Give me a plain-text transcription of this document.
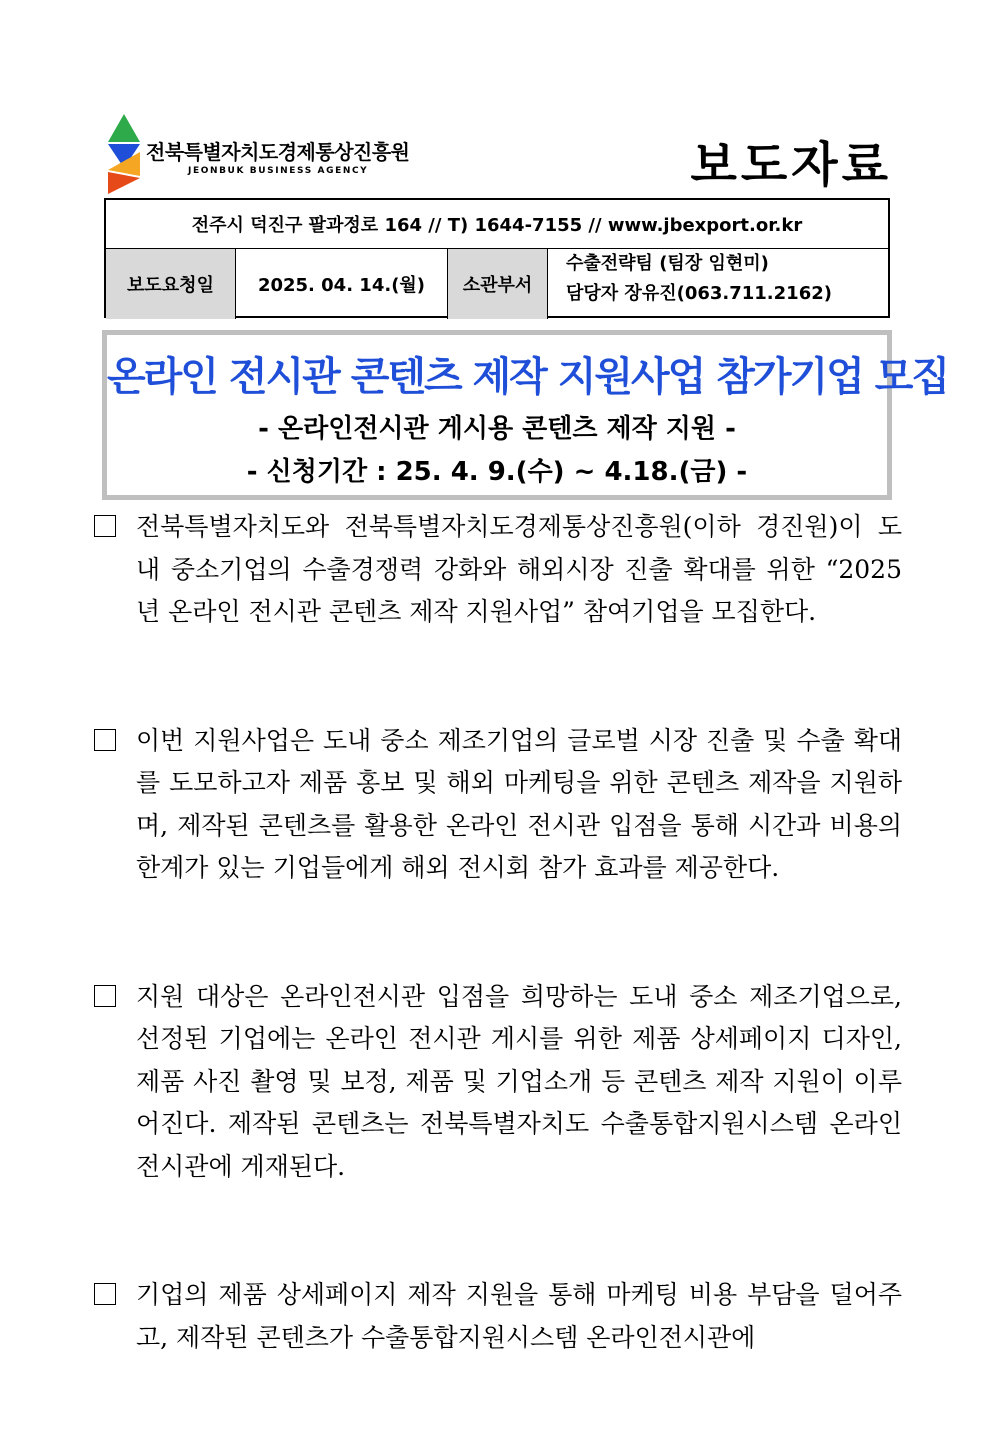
전북특별자치도경제통상진흥원
JEONBUK BUSINESS AGENCY	보도자료
전주시 덕진구 팔과정로 164 // T) 1644-7155 // www.jbexport.or.kr
보도요청일	2025. 04. 14.(월)	소관부서
수출전략팀 (팀장 임현미)
담당자 장유진(063.711.2162)
온라인 전시관 콘텐츠 제작 지원사업 참가기업 모집
- 온라인전시관 게시용 콘텐츠 제작 지원 -
- 신청기간 : 25. 4. 9.(수) ~ 4.18.(금) -
전북특별자치도와 전북특별자치도경제통상진흥원(이하 경진원)이 도내 중소기업의 수출경쟁력 강화와 해외시장 진출 확대를 위한 “2025년 온라인 전시관 콘텐츠 제작 지원사업” 참여기업을 모집한다.
이번 지원사업은 도내 중소 제조기업의 글로벌 시장 진출 및 수출 확대를 도모하고자 제품 홍보 및 해외 마케팅을 위한 콘텐츠 제작을 지원하며, 제작된 콘텐츠를 활용한 온라인 전시관 입점을 통해 시간과 비용의 한계가 있는 기업들에게 해외 전시회 참가 효과를 제공한다.
지원 대상은 온라인전시관 입점을 희망하는 도내 중소 제조기업으로, 선정된 기업에는 온라인 전시관 게시를 위한 제품 상세페이지 디자인, 제품 사진 촬영 및 보정, 제품 및 기업소개 등 콘텐츠 제작 지원이 이루어진다. 제작된 콘텐츠는 전북특별자치도 수출통합지원시스템 온라인 전시관에 게재된다.
기업의 제품 상세페이지 제작 지원을 통해 마케팅 비용 부담을 덜어주고, 제작된 콘텐츠가 수출통합지원시스템 온라인전시관에
